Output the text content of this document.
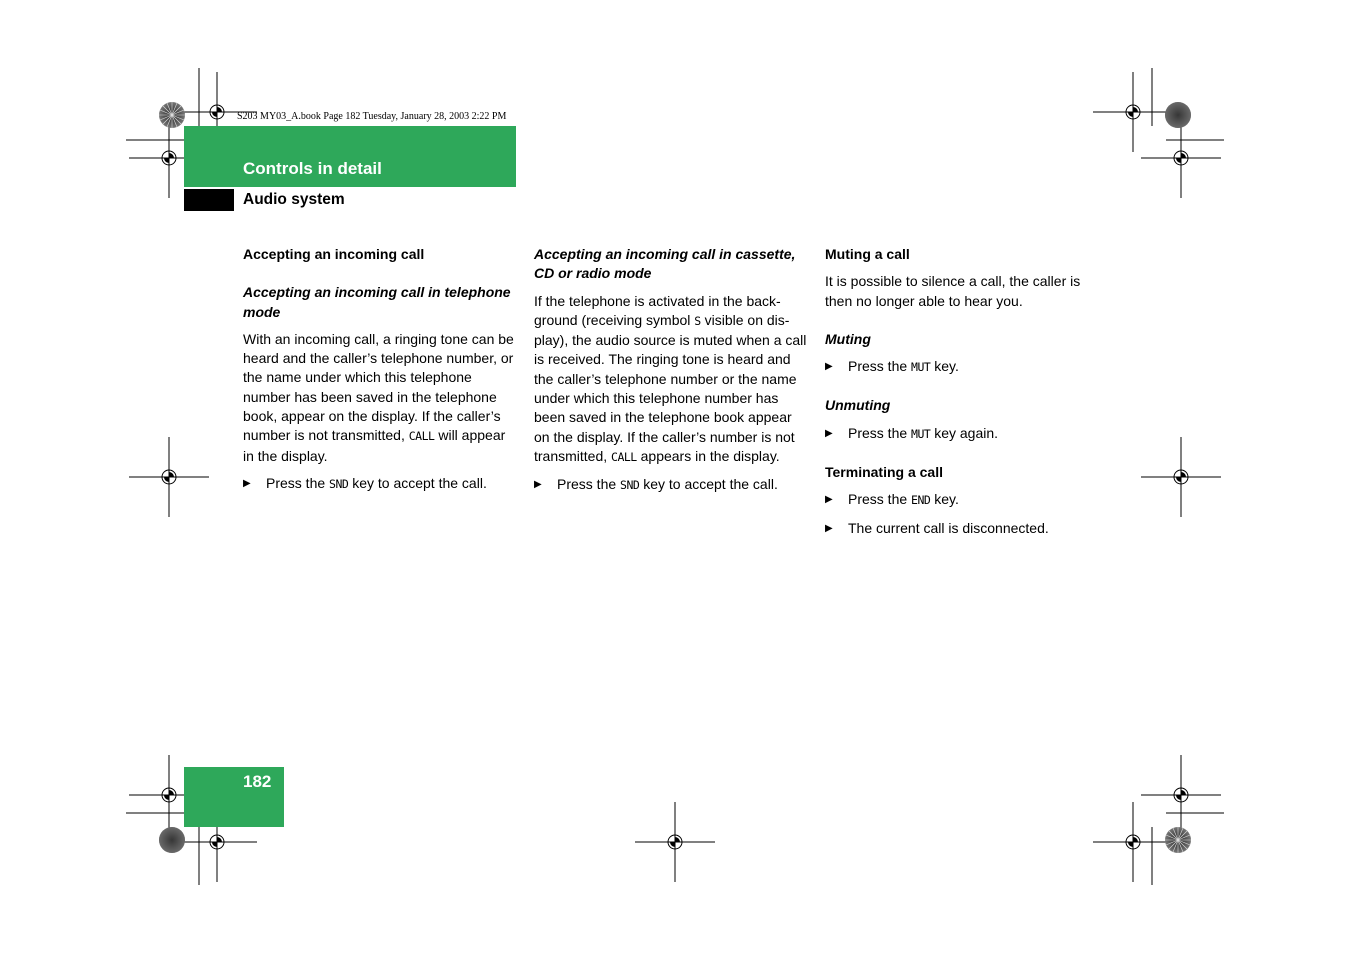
S203 MY03_A.book Page 182 Tuesday, January 28, 2003 2:22 PM
Controls in detail
Audio system

Accepting an incoming call

Accepting an incoming call in telephone mode

With an incoming call, a ringing tone can be heard and the caller’s telephone number, or the name under which this telephone number has been saved in the telephone book, appear on the display. If the caller’s number is not transmitted, CALL will appear in the display.

▶ Press the SND key to accept the call.

Accepting an incoming call in cassette, CD or radio mode

If the telephone is activated in the background (receiving symbol S visible on display), the audio source is muted when a call is received. The ringing tone is heard and the caller’s telephone number or the name under which this telephone number has been saved in the telephone book appear on the display. If the caller’s number is not transmitted, CALL appears in the display.

▶ Press the SND key to accept the call.

Muting a call

It is possible to silence a call, the caller is then no longer able to hear you.

Muting

▶ Press the MUT key.

Unmuting

▶ Press the MUT key again.

Terminating a call

▶ Press the END key.

▶ The current call is disconnected.

182
